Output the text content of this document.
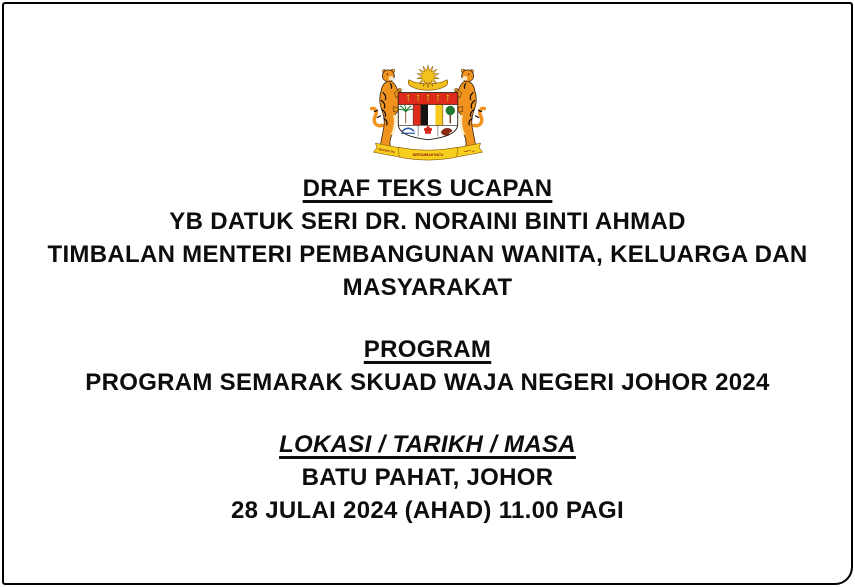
BERSEKUTU
BERTAMBAH MUTU
DRAF TEKS UCAPAN
YB DATUK SERI DR. NORAINI BINTI AHMAD
TIMBALAN MENTERI PEMBANGUNAN WANITA, KELUARGA DAN
MASYARAKAT
PROGRAM
PROGRAM SEMARAK SKUAD WAJA NEGERI JOHOR 2024
LOKASI / TARIKH / MASA
BATU PAHAT, JOHOR
28 JULAI 2024 (AHAD) 11.00 PAGI
